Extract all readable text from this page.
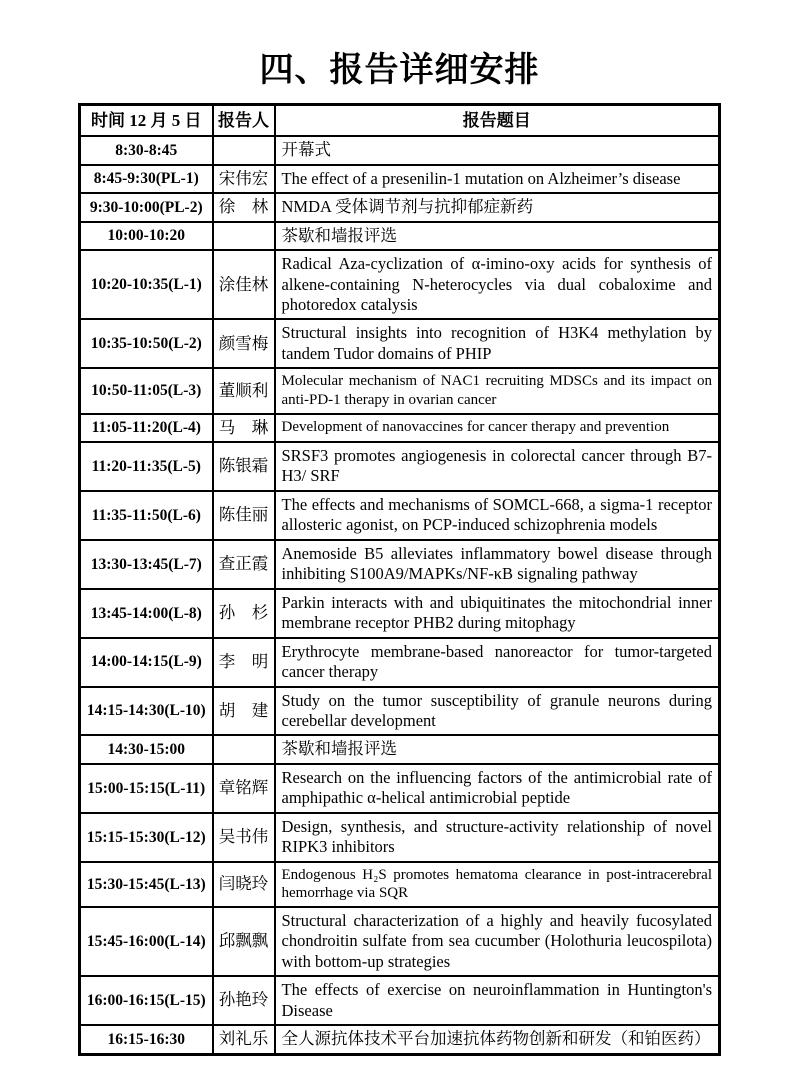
四、报告详细安排
时间 12 月 5 日	报告人	报告题目
8:30-8:45		开幕式
8:45-9:30(PL-1)	宋伟宏	The effect of a presenilin-1 mutation on Alzheimer’s disease
9:30-10:00(PL-2)	徐　林	NMDA 受体调节剂与抗抑郁症新药
10:00-10:20		茶歇和墙报评选
10:20-10:35(L-1)	涂佳林	Radical Aza-cyclization of α-imino-oxy acids for synthesis of alkene-containing N-heterocycles via dual cobaloxime and photoredox catalysis
10:35-10:50(L-2)	颜雪梅	Structural insights into recognition of H3K4 methylation by tandem Tudor domains of PHIP
10:50-11:05(L-3)	董顺利	Molecular mechanism of NAC1 recruiting MDSCs and its impact on anti-PD-1 therapy in ovarian cancer
11:05-11:20(L-4)	马　琳	Development of nanovaccines for cancer therapy and prevention
11:20-11:35(L-5)	陈银霜	SRSF3 promotes angiogenesis in colorectal cancer through B7-H3/ SRF
11:35-11:50(L-6)	陈佳丽	The effects and mechanisms of SOMCL-668, a sigma-1 receptor allosteric agonist, on PCP-induced schizophrenia models
13:30-13:45(L-7)	查正霞	Anemoside B5 alleviates inflammatory bowel disease through inhibiting S100A9/MAPKs/NF-κB signaling pathway
13:45-14:00(L-8)	孙　杉	Parkin interacts with and ubiquitinates the mitochondrial inner membrane receptor PHB2 during mitophagy
14:00-14:15(L-9)	李　明	Erythrocyte membrane-based nanoreactor for tumor-targeted cancer therapy
14:15-14:30(L-10)	胡　建	Study on the tumor susceptibility of granule neurons during cerebellar development
14:30-15:00		茶歇和墙报评选
15:00-15:15(L-11)	章铭辉	Research on the influencing factors of the antimicrobial rate of amphipathic α-helical antimicrobial peptide
15:15-15:30(L-12)	吴书伟	Design, synthesis, and structure-activity relationship of novel RIPK3 inhibitors
15:30-15:45(L-13)	闫晓玲	Endogenous H₂S promotes hematoma clearance in post-intracerebral hemorrhage via SQR
15:45-16:00(L-14)	邱飘飘	Structural characterization of a highly and heavily fucosylated chondroitin sulfate from sea cucumber (Holothuria leucospilota) with bottom-up strategies
16:00-16:15(L-15)	孙艳玲	The effects of exercise on neuroinflammation in Huntington's Disease
16:15-16:30	刘礼乐	全人源抗体技术平台加速抗体药物创新和研发（和铂医药）
